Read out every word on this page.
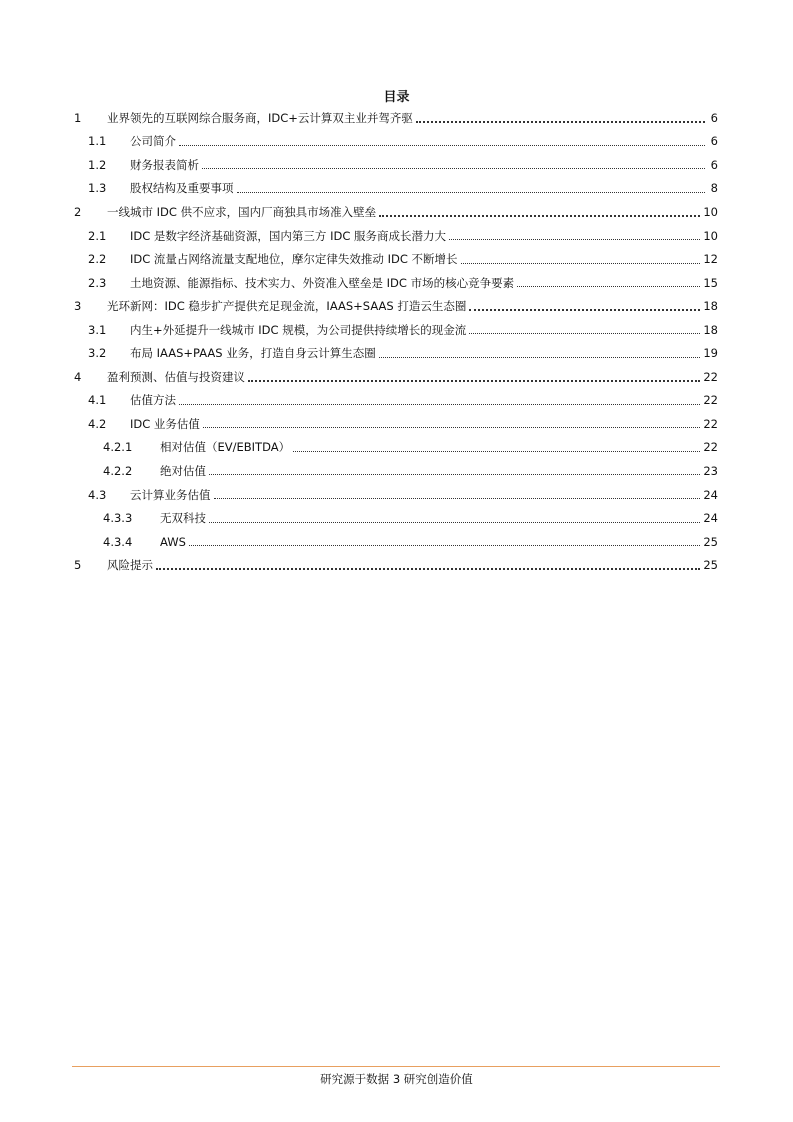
目录
1	业界领先的互联网综合服务商，IDC+云计算双主业并驾齐驱	6
1.1	公司简介	6
1.2	财务报表简析	6
1.3	股权结构及重要事项	8
2	一线城市 IDC 供不应求，国内厂商独具市场准入壁垒	10
2.1	IDC 是数字经济基础资源，国内第三方 IDC 服务商成长潜力大	10
2.2	IDC 流量占网络流量支配地位，摩尔定律失效推动 IDC 不断增长	12
2.3	土地资源、能源指标、技术实力、外资准入壁垒是 IDC 市场的核心竞争要素	15
3	光环新网：IDC 稳步扩产提供充足现金流，IAAS+SAAS 打造云生态圈	18
3.1	内生+外延提升一线城市 IDC 规模，为公司提供持续增长的现金流	18
3.2	布局 IAAS+PAAS 业务，打造自身云计算生态圈	19
4	盈利预测、估值与投资建议	22
4.1	估值方法	22
4.2	IDC 业务估值	22
4.2.1	相对估值（EV/EBITDA）	22
4.2.2	绝对估值	23
4.3	云计算业务估值	24
4.3.3	无双科技	24
4.3.4	AWS	25
5	风险提示	25
研究源于数据 3 研究创造价值
